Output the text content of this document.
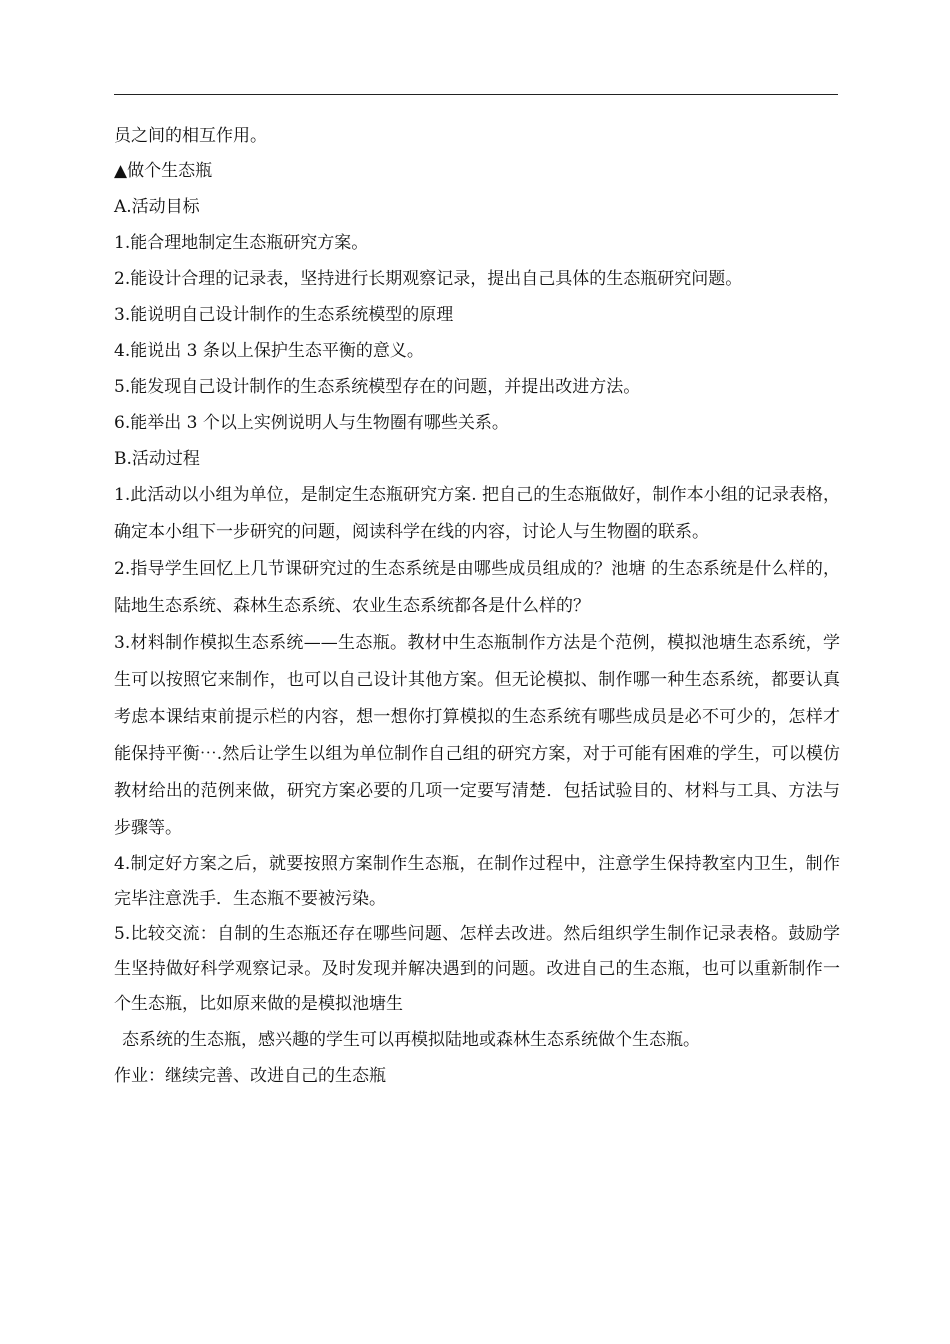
员之间的相互作用。
▲做个生态瓶
A.活动目标
1.能合理地制定生态瓶研究方案。
2.能设计合理的记录表，坚持进行长期观察记录，提出自己具体的生态瓶研究问题。
3.能说明自己设计制作的生态系统模型的原理
4.能说出 3 条以上保护生态平衡的意义。
5.能发现自己设计制作的生态系统模型存在的问题，并提出改进方法。
6.能举出 3 个以上实例说明人与生物圈有哪些关系。
B.活动过程
1.此活动以小组为单位，是制定生态瓶研究方案. 把自己的生态瓶做好，制作本小组的记录表格，确定本小组下一步研究的问题，阅读科学在线的内容，讨论人与生物圈的联系。
2.指导学生回忆上几节课研究过的生态系统是由哪些成员组成的？池塘 的生态系统是什么样的，陆地生态系统、森林生态系统、农业生态系统都各是什么样的？
3.材料制作模拟生态系统——生态瓶。教材中生态瓶制作方法是个范例，模拟池塘生态系统，学生可以按照它来制作，也可以自己设计其他方案。但无论模拟、制作哪一种生态系统，都要认真考虑本课结束前提示栏的内容，想一想你打算模拟的生态系统有哪些成员是必不可少的，怎样才能保持平衡⋯.然后让学生以组为单位制作自己组的研究方案，对于可能有困难的学生，可以模仿教材给出的范例来做，研究方案必要的几项一定要写清楚．包括试验目的、材料与工具、方法与步骤等。
4.制定好方案之后，就要按照方案制作生态瓶，在制作过程中，注意学生保持教室内卫生，制作完毕注意洗手．生态瓶不要被污染。
5.比较交流：自制的生态瓶还存在哪些问题、怎样去改进。然后组织学生制作记录表格。鼓励学生坚持做好科学观察记录。及时发现并解决遇到的问题。改进自己的生态瓶，也可以重新制作一个生态瓶，比如原来做的是模拟池塘生
态系统的生态瓶，感兴趣的学生可以再模拟陆地或森林生态系统做个生态瓶。
作业：继续完善、改进自己的生态瓶
